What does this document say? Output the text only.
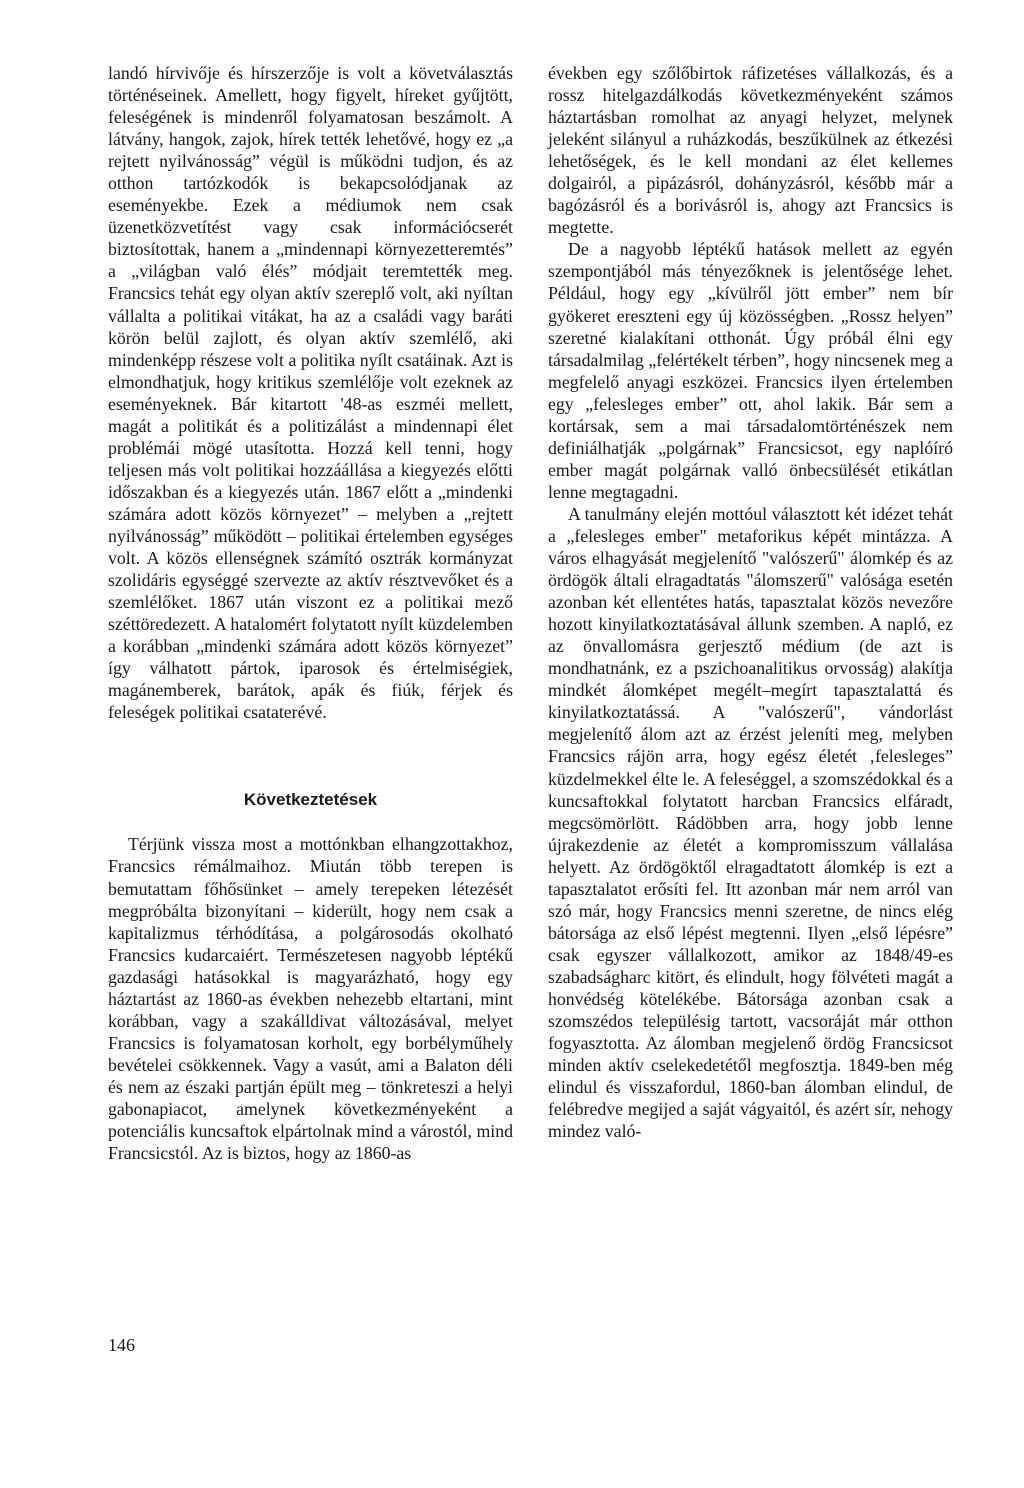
landó hírvivője és hírszerzője is volt a követválasztás történéseinek. Amellett, hogy figyelt, híreket gyűjtött, feleségének is mindenről folyamatosan beszámolt. A látvány, hangok, zajok, hírek tették lehetővé, hogy ez „a rejtett nyilvánosság” végül is működni tudjon, és az otthon tartózkodók is bekapcsolódjanak az eseményekbe. Ezek a médiumok nem csak üzenetközvetítést vagy csak információcserét biztosítottak, hanem a „mindennapi környezetteremtés” a „világban való élés” módjait teremtették meg. Francsics tehát egy olyan aktív szereplő volt, aki nyíltan vállalta a politikai vitákat, ha az a családi vagy baráti körön belül zajlott, és olyan aktív szemlélő, aki mindenképp részese volt a politika nyílt csatáinak. Azt is elmondhatjuk, hogy kritikus szemlélője volt ezeknek az eseményeknek. Bár kitartott '48-as eszméi mellett, magát a politikát és a politizálást a mindennapi élet problémái mögé utasította. Hozzá kell tenni, hogy teljesen más volt politikai hozzáállása a kiegyezés előtti időszakban és a kiegyezés után. 1867 előtt a „mindenki számára adott közös környezet” – melyben a „rejtett nyilvánosság” működött – politikai értelemben egységes volt. A közös ellenségnek számító osztrák kormányzat szolidáris egységgé szervezte az aktív résztvevőket és a szemlélőket. 1867 után viszont ez a politikai mező széttöredezett. A hatalomért folytatott nyílt küzdelemben a korábban „mindenki számára adott közös környezet” így válhatott pártok, iparosok és értelmiségiek, magánemberek, barátok, apák és fiúk, férjek és feleségek politikai csataterévé.

Következtetések

Térjünk vissza most a mottónkban elhangzottakhoz, Francsics rémálmaihoz. Miután több terepen is bemutattam főhősünket – amely terepeken létezését megpróbálta bizonyítani – kiderült, hogy nem csak a kapitalizmus térhódítása, a polgárosodás okolható Francsics kudarcaiért. Természetesen nagyobb léptékű gazdasági hatásokkal is magyarázható, hogy egy háztartást az 1860-as években nehezebb eltartani, mint korábban, vagy a szakálldivat változásával, melyet Francsics is folyamatosan korholt, egy borbélyműhely bevételei csökkennek. Vagy a vasút, ami a Balaton déli és nem az északi partján épült meg – tönkreteszi a helyi gabonapiacot, amelynek következményeként a potenciális kuncsaftok elpártolnak mind a várostól, mind Francsicstól. Az is biztos, hogy az 1860-as

években egy szőlőbirtok ráfizetéses vállalkozás, és a rossz hitelgazdálkodás következményeként számos háztartásban romolhat az anyagi helyzet, melynek jeleként silányul a ruházkodás, beszűkülnek az étkezési lehetőségek, és le kell mondani az élet kellemes dolgairól, a pipázásról, dohányzásról, később már a bagózásról és a borivásról is, ahogy azt Francsics is megtette.

De a nagyobb léptékű hatások mellett az egyén szempontjából más tényezőknek is jelentősége lehet. Például, hogy egy „kívülről jött ember” nem bír gyökeret ereszteni egy új közösségben. „Rossz helyen” szeretné kialakítani otthonát. Úgy próbál élni egy társadalmilag „felértékelt térben”, hogy nincsenek meg a megfelelő anyagi eszközei. Francsics ilyen értelemben egy „felesleges ember” ott, ahol lakik. Bár sem a kortársak, sem a mai társadalomtörténészek nem definiálhatják „polgárnak” Francsicsot, egy naplóíró ember magát polgárnak valló önbecsülését etikátlan lenne megtagadni.

A tanulmány elején mottóul választott két idézet tehát a „felesleges ember" metaforikus képét mintázza. A város elhagyását megjelenítő "valószerű" álomkép és az ördögök általi elragadtatás "álomszerű" valósága esetén azonban két ellentétes hatás, tapasztalat közös nevezőre hozott kinyilatkoztatásával állunk szemben. A napló, ez az önvallomásra gerjesztő médium (de azt is mondhatnánk, ez a pszichoanalitikus orvosság) alakítja mindkét álomképet megélt–megírt tapasztalattá és kinyilatkoztatássá. A "valószerű", vándorlást megjelenítő álom azt az érzést jeleníti meg, melyben Francsics rájön arra, hogy egész életét ‚felesleges” küzdelmekkel élte le. A feleséggel, a szomszédokkal és a kuncsaftokkal folytatott harcban Francsics elfáradt, megcsömörlött. Rádöbben arra, hogy jobb lenne újrakezdenie az életét a kompromisszum vállalása helyett. Az ördögöktől elragadtatott álomkép is ezt a tapasztalatot erősíti fel. Itt azonban már nem arról van szó már, hogy Francsics menni szeretne, de nincs elég bátorsága az első lépést megtenni. Ilyen „első lépésre” csak egyszer vállalkozott, amikor az 1848/49-es szabadságharc kitört, és elindult, hogy fölvéteti magát a honvédség kötelékébe. Bátorsága azonban csak a szomszédos településig tartott, vacsoráját már otthon fogyasztotta. Az álomban megjelenő ördög Francsicsot minden aktív cselekedetétől megfosztja. 1849-ben még elindul és visszafordul, 1860-ban álomban elindul, de felébredve megijed a saját vágyaitól, és azért sír, nehogy mindez való-

146
